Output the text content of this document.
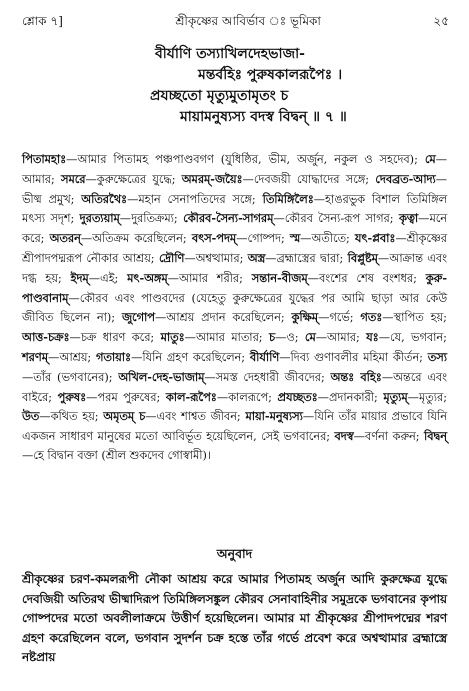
শ্লোক ৭]	শ্রীকৃষ্ণের আবির্ভাব ঃ ভূমিকা	২৫
বীর্যাণি তস্যাখিলদেহভাজা-
মন্তর্বহিঃ পুরুষকালরূপৈঃ ।
প্রযচ্ছতো মৃত্যুমুতামৃতং চ
মায়ামনুষ্যস্য বদস্ব বিদ্বন্ ॥ ৭ ॥
পিতামহাঃ—আমার পিতামহ পঞ্চপাণ্ডবগণ (যুধিষ্ঠির, ভীম, অর্জুন, নকুল ও সহদেব); মে—আমার; সমরে—কুরুক্ষেত্রের যুদ্ধে; অমরম্-জয়ৈঃ—দেবজয়ী যোদ্ধাদের সঙ্গে; দেবব্রত-আদ্য—ভীষ্ম প্রমুখ; অতিরথৈঃ—মহান সেনাপতিদের সঙ্গে; তিমিঙ্গিলৈঃ—হাঙরভুক বিশাল তিমিঙ্গিল মৎস্য সদৃশ; দুরত্যয়াম্—দুরতিক্রম্য; কৌরব-সৈন্য-সাগরম্—কৌরব সৈন্য-রূপ সাগর; কৃত্বা—মনে করে; অতরন্—অতিক্রম করেছিলেন; বৎস-পদম্—গোষ্পদ; স্ম—অতীতে; যৎ-প্লবাঃ—শ্রীকৃষ্ণের শ্রীপাদপদ্মরূপ নৌকার আশ্রয়; দ্রৌণি—অশ্বত্থামার; অস্ত্র—ব্রহ্মাস্ত্রের দ্বারা; বিপ্লুষ্টম্—আক্রান্ত এবং দগ্ধ হয়; ইদম্—এই; মৎ-অঙ্গম্—আমার শরীর; সন্তান-বীজম্—বংশের শেষ বংশধর; কুরু-পাণ্ডবানাম্—কৌরব এবং পাণ্ডবদের (যেহেতু কুরুক্ষেত্রের যুদ্ধের পর আমি ছাড়া আর কেউ জীবিত ছিলেন না); জুগোপ—আশ্রয় প্রদান করেছিলেন; কুক্ষিম্—গর্ভে; গতঃ—স্থাপিত হয়; আত্ত-চক্রঃ—চক্র ধারণ করে; মাতুঃ—আমার মাতার; চ—ও; মে—আমার; যঃ—যে, ভগবান; শরণম্—আশ্রয়; গতায়াঃ—যিনি গ্রহণ করেছিলেন; বীর্যাণি—দিব্য গুণাবলীর মহিমা কীর্তন; তস্য—তাঁর (ভগবানের); অখিল-দেহ-ভাজাম্—সমস্ত দেহধারী জীবদের; অন্তঃ বহিঃ—অন্তরে এবং বাইরে; পুরুষঃ—পরম পুরুষের; কাল-রূপৈঃ—কালরূপে; প্রযচ্ছতঃ—প্রদানকারী; মৃত্যুম্—মৃত্যুর; উত—কথিত হয়; অমৃতম্ চ—এবং শাশ্বত জীবন; মায়া-মনুষ্যস্য—যিনি তাঁর মায়ার প্রভাবে যিনি একজন সাধারণ মানুষের মতো আবির্ভূত হয়েছিলেন, সেই ভগবানের; বদস্ব—বর্ণনা করুন; বিদ্বন্—হে বিদ্বান বক্তা (শ্রীল শুকদেব গোস্বামী)।
অনুবাদ
শ্রীকৃষ্ণের চরণ-কমলরূপী নৌকা আশ্রয় করে আমার পিতামহ অর্জুন আদি কুরুক্ষেত্র যুদ্ধে দেবজিয়ী অতিরথ ভীষ্মাদিরূপ তিমিঙ্গিলসঙ্কুল কৌরব সেনাবাহিনীর সমুদ্রকে ভগবানের কৃপায় গোষ্পদের মতো অবলীলাক্রমে উত্তীর্ণ হয়েছিলেন। আমার মা শ্রীকৃষ্ণের শ্রীপাদপদ্মের শরণ গ্রহণ করেছিলেন বলে, ভগবান সুদর্শন চক্র হস্তে তাঁর গর্ভে প্রবেশ করে অশ্বত্থামার ব্রহ্মাস্ত্রে নষ্টপ্রায়
